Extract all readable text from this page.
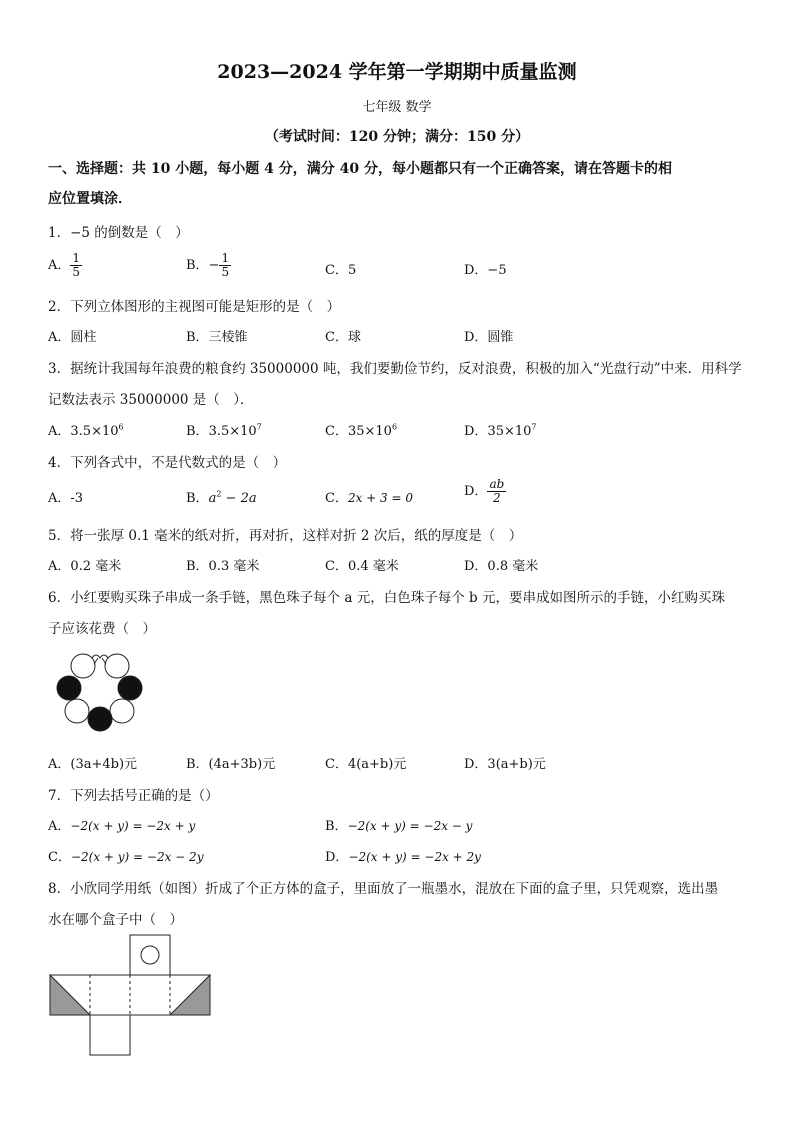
2023—2024 学年第一学期期中质量监测
七年级 数学
（考试时间：120 分钟；满分：150 分）
一、选择题：共 10 小题，每小题 4 分，满分 40 分，每小题都只有一个正确答案，请在答题卡的相
应位置填涂．
1．−5 的倒数是（　）
A． $\frac{1}{5}$	B．− $\frac{1}{5}$	C．5	D．−5
2．下列立体图形的主视图可能是矩形的是（　）
A．圆柱	B．三棱锥	C．球	D．圆锥
3．据统计我国每年浪费的粮食约 35000000 吨，我们要勤俭节约，反对浪费，积极的加入“光盘行动”中来．用科学
记数法表示 35000000 是（　）．
A．$3.5\times 10^6$	B．$3.5\times 10^7$	C．$35\times 10^6$	D．$35\times 10^7$
4．下列各式中，不是代数式的是（　）
A．-3	B．$a^2 - 2a$	C．2x + 3 = 0	D． $\frac{ab}{2}$
5．将一张厚 0.1 毫米的纸对折，再对折，这样对折 2 次后，纸的厚度是（　）
A．0.2 毫米	B．0.3 毫米	C．0.4 毫米	D．0.8 毫米
6．小红要购买珠子串成一条手链，黑色珠子每个 a 元，白色珠子每个 b 元，要串成如图所示的手链，小红购买珠
子应该花费（　）
A．(3a+4b)元	B．(4a+3b)元	C．4(a+b)元	D．3(a+b)元
7．下列去括号正确的是（）
A．−2(x + y) = −2x + y	B．−2(x + y) = −2x − y
C．−2(x + y) = −2x − 2y	D．−2(x + y) = −2x + 2y
8．小欣同学用纸（如图）折成了个正方体的盒子，里面放了一瓶墨水，混放在下面的盒子里，只凭观察，选出墨
水在哪个盒子中（　）
